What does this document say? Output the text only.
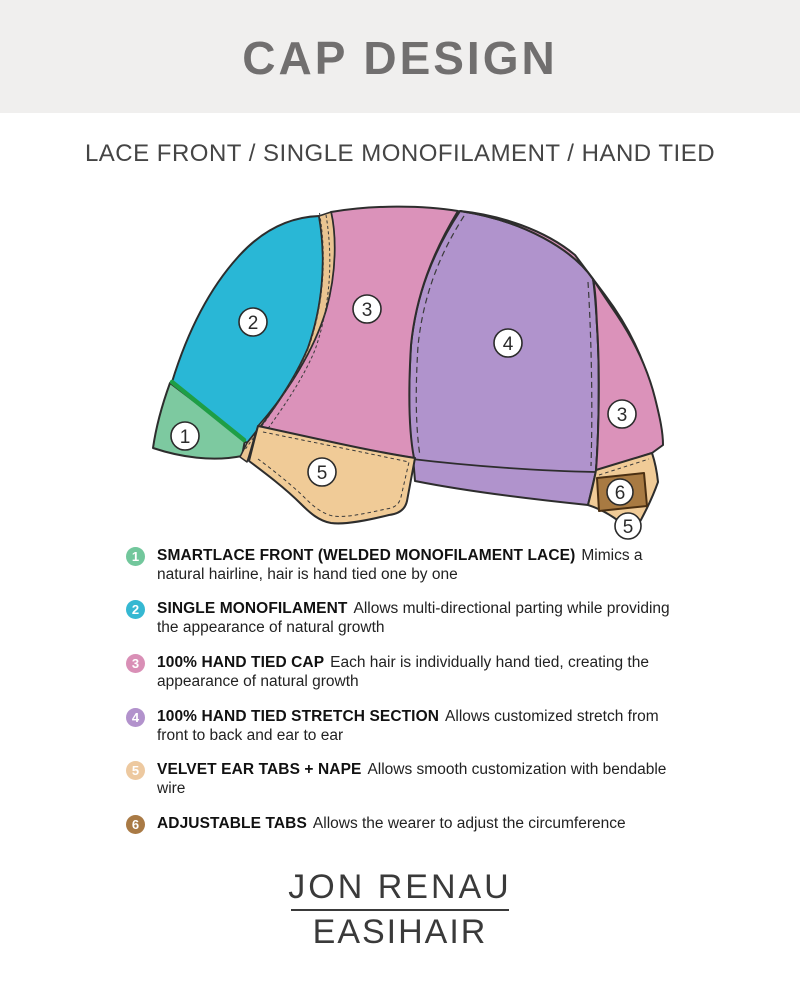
CAP DESIGN
LACE FRONT / SINGLE MONOFILAMENT / HAND TIED
1
2
3
3
4
5
6
5
1	SMARTLACE FRONT (WELDED MONOFILAMENT LACE) Mimics a natural hairline, hair is hand tied one by one
2	SINGLE MONOFILAMENT Allows multi-directional parting while providing the appearance of natural growth
3	100% HAND TIED CAP Each hair is individually hand tied, creating the appearance of natural growth
4	100% HAND TIED STRETCH SECTION Allows customized stretch from front to back and ear to ear
5	VELVET EAR TABS + NAPE Allows smooth customization with bendable wire
6	ADJUSTABLE TABS Allows the wearer to adjust the circumference
JON RENAU
EASIHAIR
